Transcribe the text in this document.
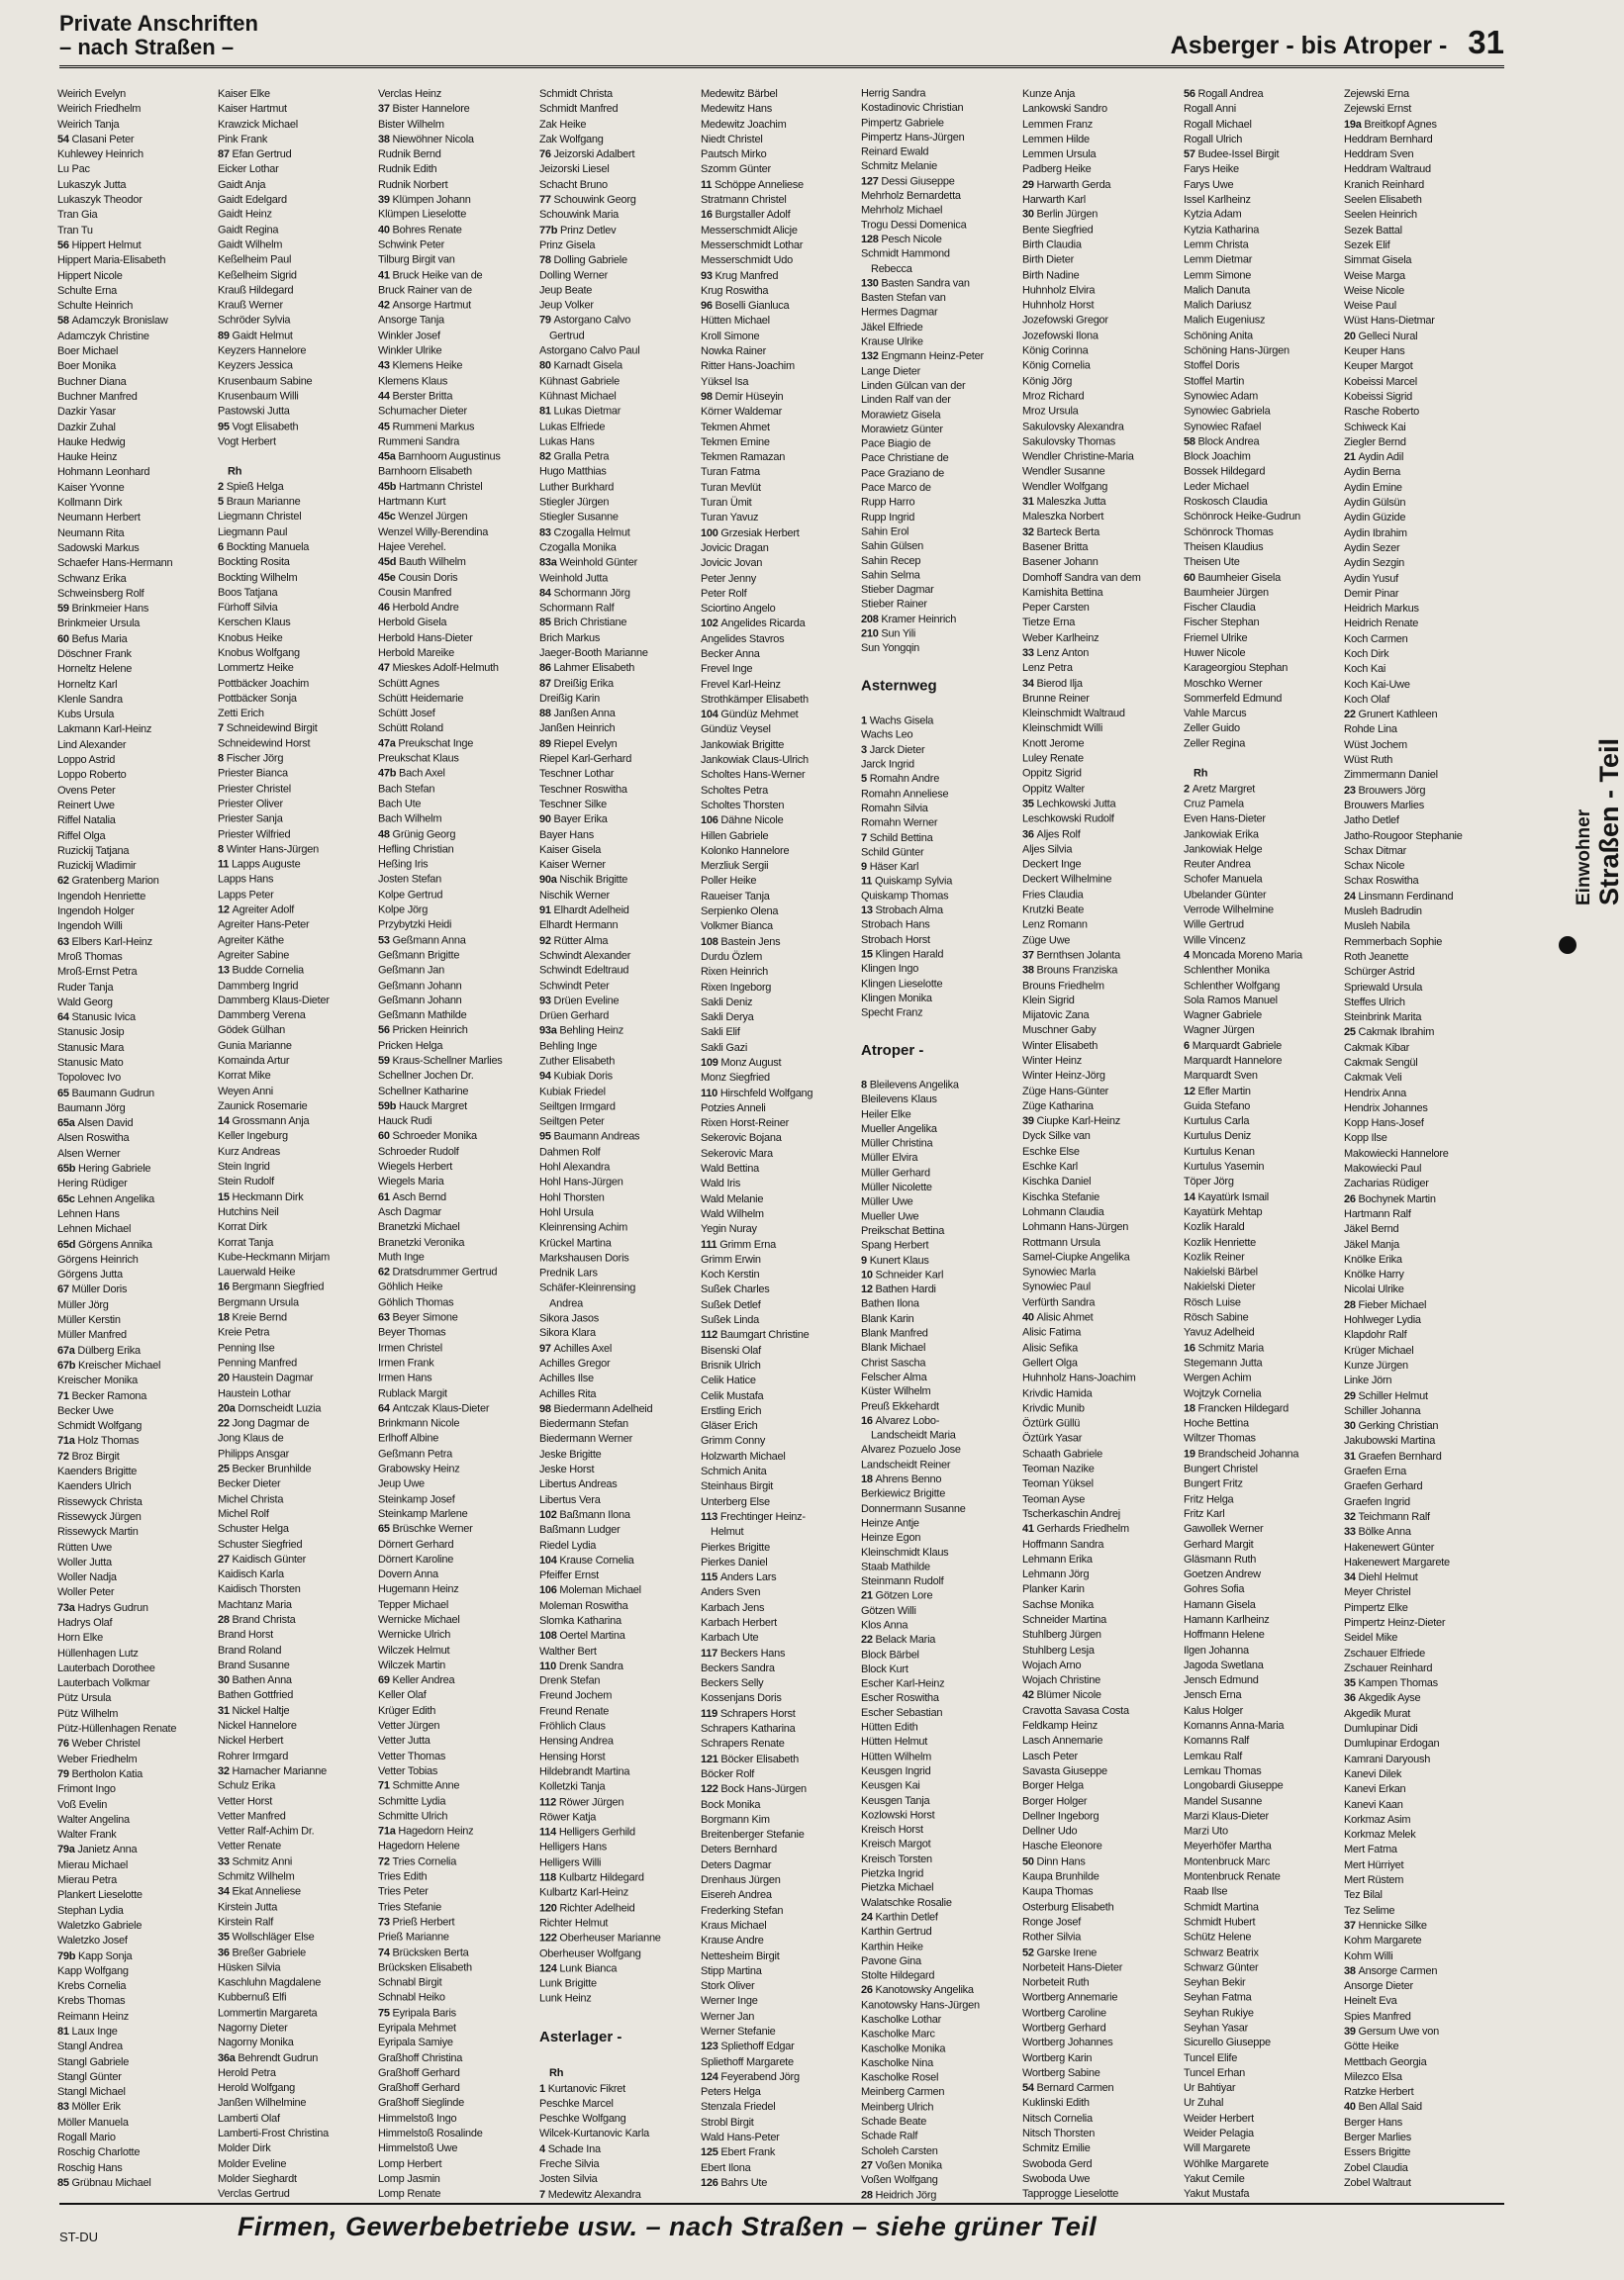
Private Anschriften
– nach Straßen –	Asberger - bis Atroper - 31
Weirich Evelyn
Weirich Friedhelm
Weirich Tanja
54 Clasani Peter
Kuhlewey Heinrich
Lu Pac
Lukaszyk Jutta
Lukaszyk Theodor
Tran Gia
Tran Tu
56 Hippert Helmut
Hippert Maria-Elisabeth
Hippert Nicole
Schulte Erna
Schulte Heinrich
58 Adamczyk Bronislaw
Adamczyk Christine
Boer Michael
Boer Monika
Buchner Diana
Buchner Manfred
Dazkir Yasar
Dazkir Zuhal
Hauke Hedwig
Hauke Heinz
Hohmann Leonhard
Kaiser Yvonne
Kollmann Dirk
Neumann Herbert
Neumann Rita
Sadowski Markus
Schaefer Hans-Hermann
Schwanz Erika
Schweinsberg Rolf
59 Brinkmeier Hans
Brinkmeier Ursula
60 Befus Maria
Döschner Frank
Horneltz Helene
Horneltz Karl
Klenle Sandra
Kubs Ursula
Lakmann Karl-Heinz
Lind Alexander
Loppo Astrid
Loppo Roberto
Ovens Peter
Reinert Uwe
Riffel Natalia
Riffel Olga
Ruzickij Tatjana
Ruzickij Wladimir
62 Gratenberg Marion
Ingendoh Henriette
Ingendoh Holger
Ingendoh Willi
63 Elbers Karl-Heinz
Mroß Thomas
Mroß-Ernst Petra
Ruder Tanja
Wald Georg
64 Stanusic Ivica
Stanusic Josip
Stanusic Mara
Stanusic Mato
Topolovec Ivo
65 Baumann Gudrun
Baumann Jörg
65a Alsen David
Alsen Roswitha
Alsen Werner
65b Hering Gabriele
Hering Rüdiger
65c Lehnen Angelika
Lehnen Hans
Lehnen Michael
65d Görgens Annika
Görgens Heinrich
Görgens Jutta
67 Müller Doris
Müller Jörg
Müller Kerstin
Müller Manfred
67a Dülberg Erika
67b Kreischer Michael
Kreischer Monika
71 Becker Ramona
Becker Uwe
Schmidt Wolfgang
71a Holz Thomas
72 Broz Birgit
Kaenders Brigitte
Kaenders Ulrich
Rissewyck Christa
Rissewyck Jürgen
Rissewyck Martin
Rütten Uwe
Woller Jutta
Woller Nadja
Woller Peter
73a Hadrys Gudrun
Hadrys Olaf
Horn Elke
Hüllenhagen Lutz
Lauterbach Dorothee
Lauterbach Volkmar
Pütz Ursula
Pütz Wilhelm
Pütz-Hüllenhagen Renate
76 Weber Christel
Weber Friedhelm
79 Bertholon Katia
Frimont Ingo
Voß Evelin
Walter Angelina
Walter Frank
79a Janietz Anna
Mierau Michael
Mierau Petra
Plankert Lieselotte
Stephan Lydia
Waletzko Gabriele
Waletzko Josef
79b Kapp Sonja
Kapp Wolfgang
Krebs Cornelia
Krebs Thomas
Reimann Heinz
81 Laux Inge
Stangl Andrea
Stangl Gabriele
Stangl Günter
Stangl Michael
83 Möller Erik
Möller Manuela
Rogall Mario
Roschig Charlotte
Roschig Hans
85 Grübnau Michael
Kaiser Elke
Kaiser Hartmut
Krawzick Michael
Pink Frank
87 Efan Gertrud
Eicker Lothar
Gaidt Anja
Gaidt Edelgard
Gaidt Heinz
Gaidt Regina
Gaidt Wilhelm
Keßelheim Paul
Keßelheim Sigrid
Krauß Hildegard
Krauß Werner
Schröder Sylvia
89 Gaidt Helmut
Keyzers Hannelore
Keyzers Jessica
Krusenbaum Sabine
Krusenbaum Willi
Pastowski Jutta
95 Vogt Elisabeth
Vogt Herbert

Rh
2 Spieß Helga
5 Braun Marianne
Liegmann Christel
Liegmann Paul
6 Bockting Manuela
Bockting Rosita
Bockting Wilhelm
Boos Tatjana
Fürhoff Silvia
Kerschen Klaus
Knobus Heike
Knobus Wolfgang
Lommertz Heike
Pottbäcker Joachim
Pottbäcker Sonja
Zetti Erich
7 Schneidewind Birgit
Schneidewind Horst
8 Fischer Jörg
Priester Bianca
Priester Christel
Priester Oliver
Priester Sanja
Priester Wilfried
8 Winter Hans-Jürgen
11 Lapps Auguste
Lapps Hans
Lapps Peter
12 Agreiter Adolf
Agreiter Hans-Peter
Agreiter Käthe
Agreiter Sabine
13 Budde Cornelia
Dammberg Ingrid
Dammberg Klaus-Dieter
Dammberg Verena
Gödek Gülhan
Gunia Marianne
Komainda Artur
Korrat Mike
Weyen Anni
Zaunick Rosemarie
14 Grossmann Anja
Keller Ingeburg
Kurz Andreas
Stein Ingrid
Stein Rudolf
15 Heckmann Dirk
Hutchins Neil
Korrat Dirk
Korrat Tanja
Kube-Heckmann Mirjam
Lauerwald Heike
16 Bergmann Siegfried
Bergmann Ursula
18 Kreie Bernd
Kreie Petra
Penning Ilse
Penning Manfred
20 Haustein Dagmar
Haustein Lothar
20a Dornscheidt Luzia
22 Jong Dagmar de
Jong Klaus de
Philipps Ansgar
25 Becker Brunhilde
Becker Dieter
Michel Christa
Michel Rolf
Schuster Helga
Schuster Siegfried
27 Kaidisch Günter
Kaidisch Karla
Kaidisch Thorsten
Machtanz Maria
28 Brand Christa
Brand Horst
Brand Roland
Brand Susanne
30 Bathen Anna
Bathen Gottfried
31 Nickel Haltje
Nickel Hannelore
Nickel Herbert
Rohrer Irmgard
32 Hamacher Marianne
Schulz Erika
Vetter Horst
Vetter Manfred
Vetter Ralf-Achim Dr.
Vetter Renate
33 Schmitz Anni
Schmitz Wilhelm
34 Ekat Anneliese
Kirstein Jutta
Kirstein Ralf
35 Wollschläger Else
36 Breßer Gabriele
Hüsken Silvia
Kaschluhn Magdalene
Kubbernuß Elfi
Lommertin Margareta
Nagorny Dieter
Nagorny Monika
36a Behrendt Gudrun
Herold Petra
Herold Wolfgang
Janßen Wilhelmine
Lamberti Olaf
Lamberti-Frost Christina
Molder Dirk
Molder Eveline
Molder Sieghardt
Verclas Gertrud
Verclas Heinz
37 Bister Hannelore
Bister Wilhelm
38 Niewöhner Nicola
Rudnik Bernd
Rudnik Edith
Rudnik Norbert
39 Klümpen Johann
Klümpen Lieselotte
40 Bohres Renate
Schwink Peter
Tilburg Birgit van
41 Bruck Heike van de
Bruck Rainer van de
42 Ansorge Hartmut
Ansorge Tanja
Winkler Josef
Winkler Ulrike
43 Klemens Heike
Klemens Klaus
44 Berster Britta
Schumacher Dieter
45 Rummeni Markus
Rummeni Sandra
45a Barnhoorn Augustinus
Barnhoorn Elisabeth
45b Hartmann Christel
Hartmann Kurt
45c Wenzel Jürgen
Wenzel Willy-Berendina
Hajee Verehel.
45d Bauth Wilhelm
45e Cousin Doris
Cousin Manfred
46 Herbold Andre
Herbold Gisela
Herbold Hans-Dieter
Herbold Mareike
47 Mieskes Adolf-Helmuth
Schütt Agnes
Schütt Heidemarie
Schütt Josef
Schütt Roland
47a Preukschat Inge
Preukschat Klaus
47b Bach Axel
Bach Stefan
Bach Ute
Bach Wilhelm
48 Grünig Georg
Hefling Christian
Heßing Iris
Josten Stefan
Kolpe Gertrud
Kolpe Jörg
Przybytzki Heidi
53 Geßmann Anna
Geßmann Brigitte
Geßmann Jan
Geßmann Johann
Geßmann Johann
Geßmann Mathilde
56 Pricken Heinrich
Pricken Helga
59 Kraus-Schellner Marlies
Schellner Jochen Dr.
Schellner Katharine
59b Hauck Margret
Hauck Rudi
60 Schroeder Monika
Schroeder Rudolf
Wiegels Herbert
Wiegels Maria
61 Asch Bernd
Asch Dagmar
Branetzki Michael
Branetzki Veronika
Muth Inge
62 Dratsdrummer Gertrud
Göhlich Heike
Göhlich Thomas
63 Beyer Simone
Beyer Thomas
Irmen Christel
Irmen Frank
Irmen Hans
Rublack Margit
64 Antczak Klaus-Dieter
Brinkmann Nicole
Erlhoff Albine
Geßmann Petra
Grabowsky Heinz
Jeup Uwe
Steinkamp Josef
Steinkamp Marlene
65 Brüschke Werner
Dörnert Gerhard
Dörnert Karoline
Dovern Anna
Hugemann Heinz
Tepper Michael
Wernicke Michael
Wernicke Ulrich
Wilczek Helmut
Wilczek Martin
69 Keller Andrea
Keller Olaf
Krüger Edith
Vetter Jürgen
Vetter Jutta
Vetter Thomas
Vetter Tobias
71 Schmitte Anne
Schmitte Lydia
Schmitte Ulrich
71a Hagedorn Heinz
Hagedorn Helene
72 Tries Cornelia
Tries Edith
Tries Peter
Tries Stefanie
73 Prieß Herbert
Prieß Marianne
74 Brücksken Berta
Brücksken Elisabeth
Schnabl Birgit
Schnabl Heiko
75 Eyripala Baris
Eyripala Mehmet
Eyripala Samiye
Graßhoff Christina
Graßhoff Gerhard
Graßhoff Gerhard
Graßhoff Sieglinde
Himmelstoß Ingo
Himmelstoß Rosalinde
Himmelstoß Uwe
Lomp Herbert
Lomp Jasmin
Lomp Renate
Schmidt Christa
Schmidt Manfred
Zak Heike
Zak Wolfgang
76 Jeizorski Adalbert
Jeizorski Liesel
Schacht Bruno
77 Schouwink Georg
Schouwink Maria
77b Prinz Detlev
Prinz Gisela
78 Dolling Gabriele
Dolling Werner
Jeup Beate
Jeup Volker
79 Astorgano Calvo
Gertrud
Astorgano Calvo Paul
80 Karnadt Gisela
Kühnast Gabriele
Kühnast Michael
81 Lukas Dietmar
Lukas Elfriede
Lukas Hans
82 Gralla Petra
Hugo Matthias
Luther Burkhard
Stiegler Jürgen
Stiegler Susanne
83 Czogalla Helmut
Czogalla Monika
83a Weinhold Günter
Weinhold Jutta
84 Schormann Jörg
Schormann Ralf
85 Brich Christiane
Brich Markus
Jaeger-Booth Marianne
86 Lahmer Elisabeth
87 Dreißig Erika
Dreißig Karin
88 Janßen Anna
Janßen Heinrich
89 Riepel Evelyn
Riepel Karl-Gerhard
Teschner Lothar
Teschner Roswitha
Teschner Silke
90 Bayer Erika
Bayer Hans
Kaiser Gisela
Kaiser Werner
90a Nischik Brigitte
Nischik Werner
91 Elhardt Adelheid
Elhardt Hermann
92 Rütter Alma
Schwindt Alexander
Schwindt Edeltraud
Schwindt Peter
93 Drüen Eveline
Drüen Gerhard
93a Behling Heinz
Behling Inge
Zuther Elisabeth
94 Kubiak Doris
Kubiak Friedel
Seiltgen Irmgard
Seiltgen Peter
95 Baumann Andreas
Dahmen Rolf
Hohl Alexandra
Hohl Hans-Jürgen
Hohl Thorsten
Hohl Ursula
Kleinrensing Achim
Krückel Martina
Markshausen Doris
Prednik Lars
Schäfer-Kleinrensing
Andrea
Sikora Jasos
Sikora Klara
97 Achilles Axel
Achilles Gregor
Achilles Ilse
Achilles Rita
98 Biedermann Adelheid
Biedermann Stefan
Biedermann Werner
Jeske Brigitte
Jeske Horst
Libertus Andreas
Libertus Vera
102 Baßmann Ilona
Baßmann Ludger
Riedel Lydia
104 Krause Cornelia
Pfeiffer Ernst
106 Moleman Michael
Moleman Roswitha
Slomka Katharina
108 Oertel Martina
Walther Bert
110 Drenk Sandra
Drenk Stefan
Freund Jochem
Freund Renate
Fröhlich Claus
Hensing Andrea
Hensing Horst
Hildebrandt Martina
Kolletzki Tanja
112 Röwer Jürgen
Röwer Katja
114 Helligers Gerhild
Helligers Hans
Helligers Willi
118 Kulbartz Hildegard
Kulbartz Karl-Heinz
120 Richter Adelheid
Richter Helmut
122 Oberheuser Marianne
Oberheuser Wolfgang
124 Lunk Bianca
Lunk Brigitte
Lunk Heinz

Asterlager -

Rh
1 Kurtanovic Fikret
Peschke Marcel
Peschke Wolfgang
Wilcek-Kurtanovic Karla
4 Schade Ina
Freche Silvia
Josten Silvia
7 Medewitz Alexandra
Medewitz Bärbel
Medewitz Hans
Medewitz Joachim
Niedt Christel
Pautsch Mirko
Szomm Günter
11 Schöppe Anneliese
Stratmann Christel
16 Burgstaller Adolf
Messerschmidt Alicje
Messerschmidt Lothar
Messerschmidt Udo
93 Krug Manfred
Krug Roswitha
96 Boselli Gianluca
Hütten Michael
Kroll Simone
Nowka Rainer
Ritter Hans-Joachim
Yüksel Isa
98 Demir Hüseyin
Körner Waldemar
Tekmen Ahmet
Tekmen Emine
Tekmen Ramazan
Turan Fatma
Turan Mevlüt
Turan Ümit
Turan Yavuz
100 Grzesiak Herbert
Jovicic Dragan
Jovicic Jovan
Peter Jenny
Peter Rolf
Sciortino Angelo
102 Angelides Ricarda
Angelides Stavros
Becker Anna
Frevel Inge
Frevel Karl-Heinz
Strothkämper Elisabeth
104 Gündüz Mehmet
Gündüz Veysel
Jankowiak Brigitte
Jankowiak Claus-Ulrich
Scholtes Hans-Werner
Scholtes Petra
Scholtes Thorsten
106 Dähne Nicole
Hillen Gabriele
Kolonko Hannelore
Merzliuk Sergii
Poller Heike
Raueiser Tanja
Serpienko Olena
Volkmer Bianca
108 Bastein Jens
Durdu Özlem
Rixen Heinrich
Rixen Ingeborg
Sakli Deniz
Sakli Derya
Sakli Elif
Sakli Gazi
109 Monz August
Monz Siegfried
110 Hirschfeld Wolfgang
Potzies Anneli
Rixen Horst-Reiner
Sekerovic Bojana
Sekerovic Mara
Wald Bettina
Wald Iris
Wald Melanie
Wald Wilhelm
Yegin Nuray
111 Grimm Erna
Grimm Erwin
Koch Kerstin
Sußek Charles
Sußek Detlef
Sußek Linda
112 Baumgart Christine
Bisenski Olaf
Brisnik Ulrich
Celik Hatice
Celik Mustafa
Erstling Erich
Gläser Erich
Grimm Conny
Holzwarth Michael
Schmich Anita
Steinhaus Birgit
Unterberg Else
113 Frechtinger Heinz-
Helmut
Pierkes Brigitte
Pierkes Daniel
115 Anders Lars
Anders Sven
Karbach Jens
Karbach Herbert
Karbach Ute
117 Beckers Hans
Beckers Sandra
Beckers Selly
Kossenjans Doris
119 Schrapers Horst
Schrapers Katharina
Schrapers Renate
121 Böcker Elisabeth
Böcker Rolf
122 Bock Hans-Jürgen
Bock Monika
Borgmann Kim
Breitenberger Stefanie
Deters Bernhard
Deters Dagmar
Drenhaus Jürgen
Eisereh Andrea
Frederking Stefan
Kraus Michael
Krause Andre
Nettesheim Birgit
Stipp Martina
Stork Oliver
Werner Inge
Werner Jan
Werner Stefanie
123 Spliethoff Edgar
Spliethoff Margarete
124 Feyerabend Jörg
Peters Helga
Stenzala Friedel
Strobl Birgit
Wald Hans-Peter
125 Ebert Frank
Ebert Ilona
126 Bahrs Ute
Herrig Sandra
Kostadinovic Christian
Pimpertz Gabriele
Pimpertz Hans-Jürgen
Reinard Ewald
Schmitz Melanie
127 Dessi Giuseppe
Mehrholz Bernardetta
Mehrholz Michael
Trogu Dessi Domenica
128 Pesch Nicole
Schmidt Hammond
Rebecca
130 Basten Sandra van
Basten Stefan van
Hermes Dagmar
Jäkel Elfriede
Krause Ulrike
132 Engmann Heinz-Peter
Lange Dieter
Linden Gülcan van der
Linden Ralf van der
Morawietz Gisela
Morawietz Günter
Pace Biagio de
Pace Christiane de
Pace Graziano de
Pace Marco de
Rupp Harro
Rupp Ingrid
Sahin Erol
Sahin Gülsen
Sahin Recep
Sahin Selma
Stieber Dagmar
Stieber Rainer
208 Kramer Heinrich
210 Sun Yili
Sun Yongqin

Asternweg

1 Wachs Gisela
Wachs Leo
3 Jarck Dieter
Jarck Ingrid
5 Romahn Andre
Romahn Anneliese
Romahn Silvia
Romahn Werner
7 Schild Bettina
Schild Günter
9 Häser Karl
11 Quiskamp Sylvia
Quiskamp Thomas
13 Strobach Alma
Strobach Hans
Strobach Horst
15 Klingen Harald
Klingen Ingo
Klingen Lieselotte
Klingen Monika
Specht Franz

Atroper -

8 Bleilevens Angelika
Bleilevens Klaus
Heiler Elke
Mueller Angelika
Müller Christina
Müller Elvira
Müller Gerhard
Müller Nicolette
Müller Uwe
Mueller Uwe
Preikschat Bettina
Spang Herbert
9 Kunert Klaus
10 Schneider Karl
12 Bathen Hardi
Bathen Ilona
Blank Karin
Blank Manfred
Blank Michael
Christ Sascha
Felscher Alma
Küster Wilhelm
Preuß Ekkehardt
16 Alvarez Lobo-
Landscheidt Maria
Alvarez Pozuelo Jose
Landscheidt Reiner
18 Ahrens Benno
Berkiewicz Brigitte
Donnermann Susanne
Heinze Antje
Heinze Egon
Kleinschmidt Klaus
Staab Mathilde
Steinmann Rudolf
21 Götzen Lore
Götzen Willi
Klos Anna
22 Belack Maria
Block Bärbel
Block Kurt
Escher Karl-Heinz
Escher Roswitha
Escher Sebastian
Hütten Edith
Hütten Helmut
Hütten Wilhelm
Keusgen Ingrid
Keusgen Kai
Keusgen Tanja
Kozlowski Horst
Kreisch Horst
Kreisch Margot
Kreisch Torsten
Pietzka Ingrid
Pietzka Michael
Walatschke Rosalie
24 Karthin Detlef
Karthin Gertrud
Karthin Heike
Pavone Gina
Stolte Hildegard
26 Kanotowsky Angelika
Kanotowsky Hans-Jürgen
Kascholke Lothar
Kascholke Marc
Kascholke Monika
Kascholke Nina
Kascholke Rosel
Meinberg Carmen
Meinberg Ulrich
Schade Beate
Schade Ralf
Scholeh Carsten
27 Voßen Monika
Voßen Wolfgang
28 Heidrich Jörg
Kunze Anja
Lankowski Sandro
Lemmen Franz
Lemmen Hilde
Lemmen Ursula
Padberg Heike
29 Harwarth Gerda
Harwarth Karl
30 Berlin Jürgen
Bente Siegfried
Birth Claudia
Birth Dieter
Birth Nadine
Huhnholz Elvira
Huhnholz Horst
Jozefowski Gregor
Jozefowski Ilona
König Corinna
König Cornelia
König Jörg
Mroz Richard
Mroz Ursula
Sakulovsky Alexandra
Sakulovsky Thomas
Wendler Christine-Maria
Wendler Susanne
Wendler Wolfgang
31 Maleszka Jutta
Maleszka Norbert
32 Barteck Berta
Basener Britta
Basener Johann
Domhoff Sandra van dem
Kamishita Bettina
Peper Carsten
Tietze Erna
Weber Karlheinz
33 Lenz Anton
Lenz Petra
34 Bierod Ilja
Brunne Reiner
Kleinschmidt Waltraud
Kleinschmidt Willi
Knott Jerome
Luley Renate
Oppitz Sigrid
Oppitz Walter
35 Lechkowski Jutta
Leschkowski Rudolf
36 Aljes Rolf
Aljes Silvia
Deckert Inge
Deckert Wilhelmine
Fries Claudia
Krutzki Beate
Lenz Romann
Züge Uwe
37 Bernthsen Jolanta
38 Brouns Franziska
Brouns Friedhelm
Klein Sigrid
Mijatovic Zana
Muschner Gaby
Winter Elisabeth
Winter Heinz
Winter Heinz-Jörg
Züge Hans-Günter
Züge Katharina
39 Ciupke Karl-Heinz
Dyck Silke van
Eschke Else
Eschke Karl
Kischka Daniel
Kischka Stefanie
Lohmann Claudia
Lohmann Hans-Jürgen
Rottmann Ursula
Samel-Ciupke Angelika
Synowiec Marla
Synowiec Paul
Verfürth Sandra
40 Alisic Ahmet
Alisic Fatima
Alisic Sefika
Gellert Olga
Huhnholz Hans-Joachim
Krivdic Hamida
Krivdic Munib
Öztürk Güllü
Öztürk Yasar
Schaath Gabriele
Teoman Nazike
Teoman Yüksel
Teoman Ayse
Tscherkaschin Andrej
41 Gerhards Friedhelm
Hoffmann Sandra
Lehmann Erika
Lehmann Jörg
Planker Karin
Sachse Monika
Schneider Martina
Stuhlberg Jürgen
Stuhlberg Lesja
Wojach Arno
Wojach Christine
42 Blümer Nicole
Cravotta Savasa Costa
Feldkamp Heinz
Lasch Annemarie
Lasch Peter
Savasta Giuseppe
Borger Helga
Borger Holger
Dellner Ingeborg
Dellner Udo
Hasche Eleonore
50 Dinn Hans
Kaupa Brunhilde
Kaupa Thomas
Osterburg Elisabeth
Ronge Josef
Rother Silvia
52 Garske Irene
Norbeteit Hans-Dieter
Norbeteit Ruth
Wortberg Annemarie
Wortberg Caroline
Wortberg Gerhard
Wortberg Johannes
Wortberg Karin
Wortberg Sabine
54 Bernard Carmen
Kuklinski Edith
Nitsch Cornelia
Nitsch Thorsten
Schmitz Emilie
Swoboda Gerd
Swoboda Uwe
Tapprogge Lieselotte
56 Rogall Andrea
Rogall Anni
Rogall Michael
Rogall Ulrich
57 Budee-Issel Birgit
Farys Heike
Farys Uwe
Issel Karlheinz
Kytzia Adam
Kytzia Katharina
Lemm Christa
Lemm Dietmar
Lemm Simone
Malich Danuta
Malich Dariusz
Malich Eugeniusz
Schöning Anita
Schöning Hans-Jürgen
Stoffel Doris
Stoffel Martin
Synowiec Adam
Synowiec Gabriela
Synowiec Rafael
58 Block Andrea
Block Joachim
Bossek Hildegard
Leder Michael
Roskosch Claudia
Schönrock Heike-Gudrun
Schönrock Thomas
Theisen Klaudius
Theisen Ute
60 Baumheier Gisela
Baumheier Jürgen
Fischer Claudia
Fischer Stephan
Friemel Ulrike
Huwer Nicole
Karageorgiou Stephan
Moschko Werner
Sommerfeld Edmund
Vahle Marcus
Zeller Guido
Zeller Regina

Rh
2 Aretz Margret
Cruz Pamela
Even Hans-Dieter
Jankowiak Erika
Jankowiak Helge
Reuter Andrea
Schofer Manuela
Ubelander Günter
Verrode Wilhelmine
Wille Gertrud
Wille Vincenz
4 Moncada Moreno Maria
Schlenther Monika
Schlenther Wolfgang
Sola Ramos Manuel
Wagner Gabriele
Wagner Jürgen
6 Marquardt Gabriele
Marquardt Hannelore
Marquardt Sven
12 Efler Martin
Guida Stefano
Kurtulus Carla
Kurtulus Deniz
Kurtulus Kenan
Kurtulus Yasemin
Töper Jörg
14 Kayatürk Ismail
Kayatürk Mehtap
Kozlik Harald
Kozlik Henriette
Kozlik Reiner
Nakielski Bärbel
Nakielski Dieter
Rösch Luise
Rösch Sabine
Yavuz Adelheid
16 Schmitz Maria
Stegemann Jutta
Wergen Achim
Wojtzyk Cornelia
18 Francken Hildegard
Hoche Bettina
Wiltzer Thomas
19 Brandscheid Johanna
Bungert Christel
Bungert Fritz
Fritz Helga
Fritz Karl
Gawollek Werner
Gerhard Margit
Gläsmann Ruth
Goetzen Andrew
Gohres Sofia
Hamann Gisela
Hamann Karlheinz
Hoffmann Helene
Ilgen Johanna
Jagoda Swetlana
Jensch Edmund
Jensch Erna
Kalus Holger
Komanns Anna-Maria
Komanns Ralf
Lemkau Ralf
Lemkau Thomas
Longobardi Giuseppe
Mandel Susanne
Marzi Klaus-Dieter
Marzi Uto
Meyerhöfer Martha
Montenbruck Marc
Montenbruck Renate
Raab Ilse
Schmidt Martina
Schmidt Hubert
Schütz Helene
Schwarz Beatrix
Schwarz Günter
Seyhan Bekir
Seyhan Fatma
Seyhan Rukiye
Seyhan Yasar
Sicurello Giuseppe
Tuncel Elife
Tuncel Erhan
Ur Bahtiyar
Ur Zuhal
Weider Herbert
Weider Pelagia
Will Margarete
Wöhlke Margarete
Yakut Cemile
Yakut Mustafa
Zejewski Erna
Zejewski Ernst
19a Breitkopf Agnes
Heddram Bernhard
Heddram Sven
Heddram Waltraud
Kranich Reinhard
Seelen Elisabeth
Seelen Heinrich
Sezek Battal
Sezek Elif
Simmat Gisela
Weise Marga
Weise Nicole
Weise Paul
Wüst Hans-Dietmar
20 Gelleci Nural
Keuper Hans
Keuper Margot
Kobeissi Marcel
Kobeissi Sigrid
Rasche Roberto
Schiweck Kai
Ziegler Bernd
21 Aydin Adil
Aydin Berna
Aydin Emine
Aydin Gülsün
Aydin Güzide
Aydin Ibrahim
Aydin Sezer
Aydin Sezgin
Aydin Yusuf
Demir Pinar
Heidrich Markus
Heidrich Renate
Koch Carmen
Koch Dirk
Koch Kai
Koch Kai-Uwe
Koch Olaf
22 Grunert Kathleen
Rohde Lina
Wüst Jochem
Wüst Ruth
Zimmermann Daniel
23 Brouwers Jörg
Brouwers Marlies
Jatho Detlef
Jatho-Rougoor Stephanie
Schax Ditmar
Schax Nicole
Schax Roswitha
24 Linsmann Ferdinand
Musleh Badrudin
Musleh Nabila
Remmerbach Sophie
Roth Jeanette
Schürger Astrid
Spriewald Ursula
Steffes Ulrich
Steinbrink Marita
25 Cakmak Ibrahim
Cakmak Kibar
Cakmak Sengül
Cakmak Veli
Hendrix Anna
Hendrix Johannes
Kopp Hans-Josef
Kopp Ilse
Makowiecki Hannelore
Makowiecki Paul
Zacharias Rüdiger
26 Bochynek Martin
Hartmann Ralf
Jäkel Bernd
Jäkel Manja
Knölke Erika
Knölke Harry
Nicolai Ulrike
28 Fieber Michael
Hohlweger Lydia
Klapdohr Ralf
Krüger Michael
Kunze Jürgen
Linke Jörn
29 Schiller Helmut
Schiller Johanna
30 Gerking Christian
Jakubowski Martina
31 Graefen Bernhard
Graefen Erna
Graefen Gerhard
Graefen Ingrid
32 Teichmann Ralf
33 Bölke Anna
Hakenewert Günter
Hakenewert Margarete
34 Diehl Helmut
Meyer Christel
Pimpertz Elke
Pimpertz Heinz-Dieter
Seidel Mike
Zschauer Elfriede
Zschauer Reinhard
35 Kampen Thomas
36 Akgedik Ayse
Akgedik Murat
Dumlupinar Didi
Dumlupinar Erdogan
Kamrani Daryoush
Kanevi Dilek
Kanevi Erkan
Kanevi Kaan
Korkmaz Asim
Korkmaz Melek
Mert Fatma
Mert Hürriyet
Mert Rüstem
Tez Bilal
Tez Selime
37 Hennicke Silke
Kohm Margarete
Kohm Willi
38 Ansorge Carmen
Ansorge Dieter
Heinelt Eva
Spies Manfred
39 Gersum Uwe von
Götte Heike
Mettbach Georgia
Milezco Elsa
Ratzke Herbert
40 Ben Allal Said
Berger Hans
Berger Marlies
Essers Brigitte
Zobel Claudia
Zobel Waltraut
Einwohner Straßen - Teil
ST-DU	Firmen, Gewerbebetriebe usw. – nach Straßen – siehe grüner Teil
